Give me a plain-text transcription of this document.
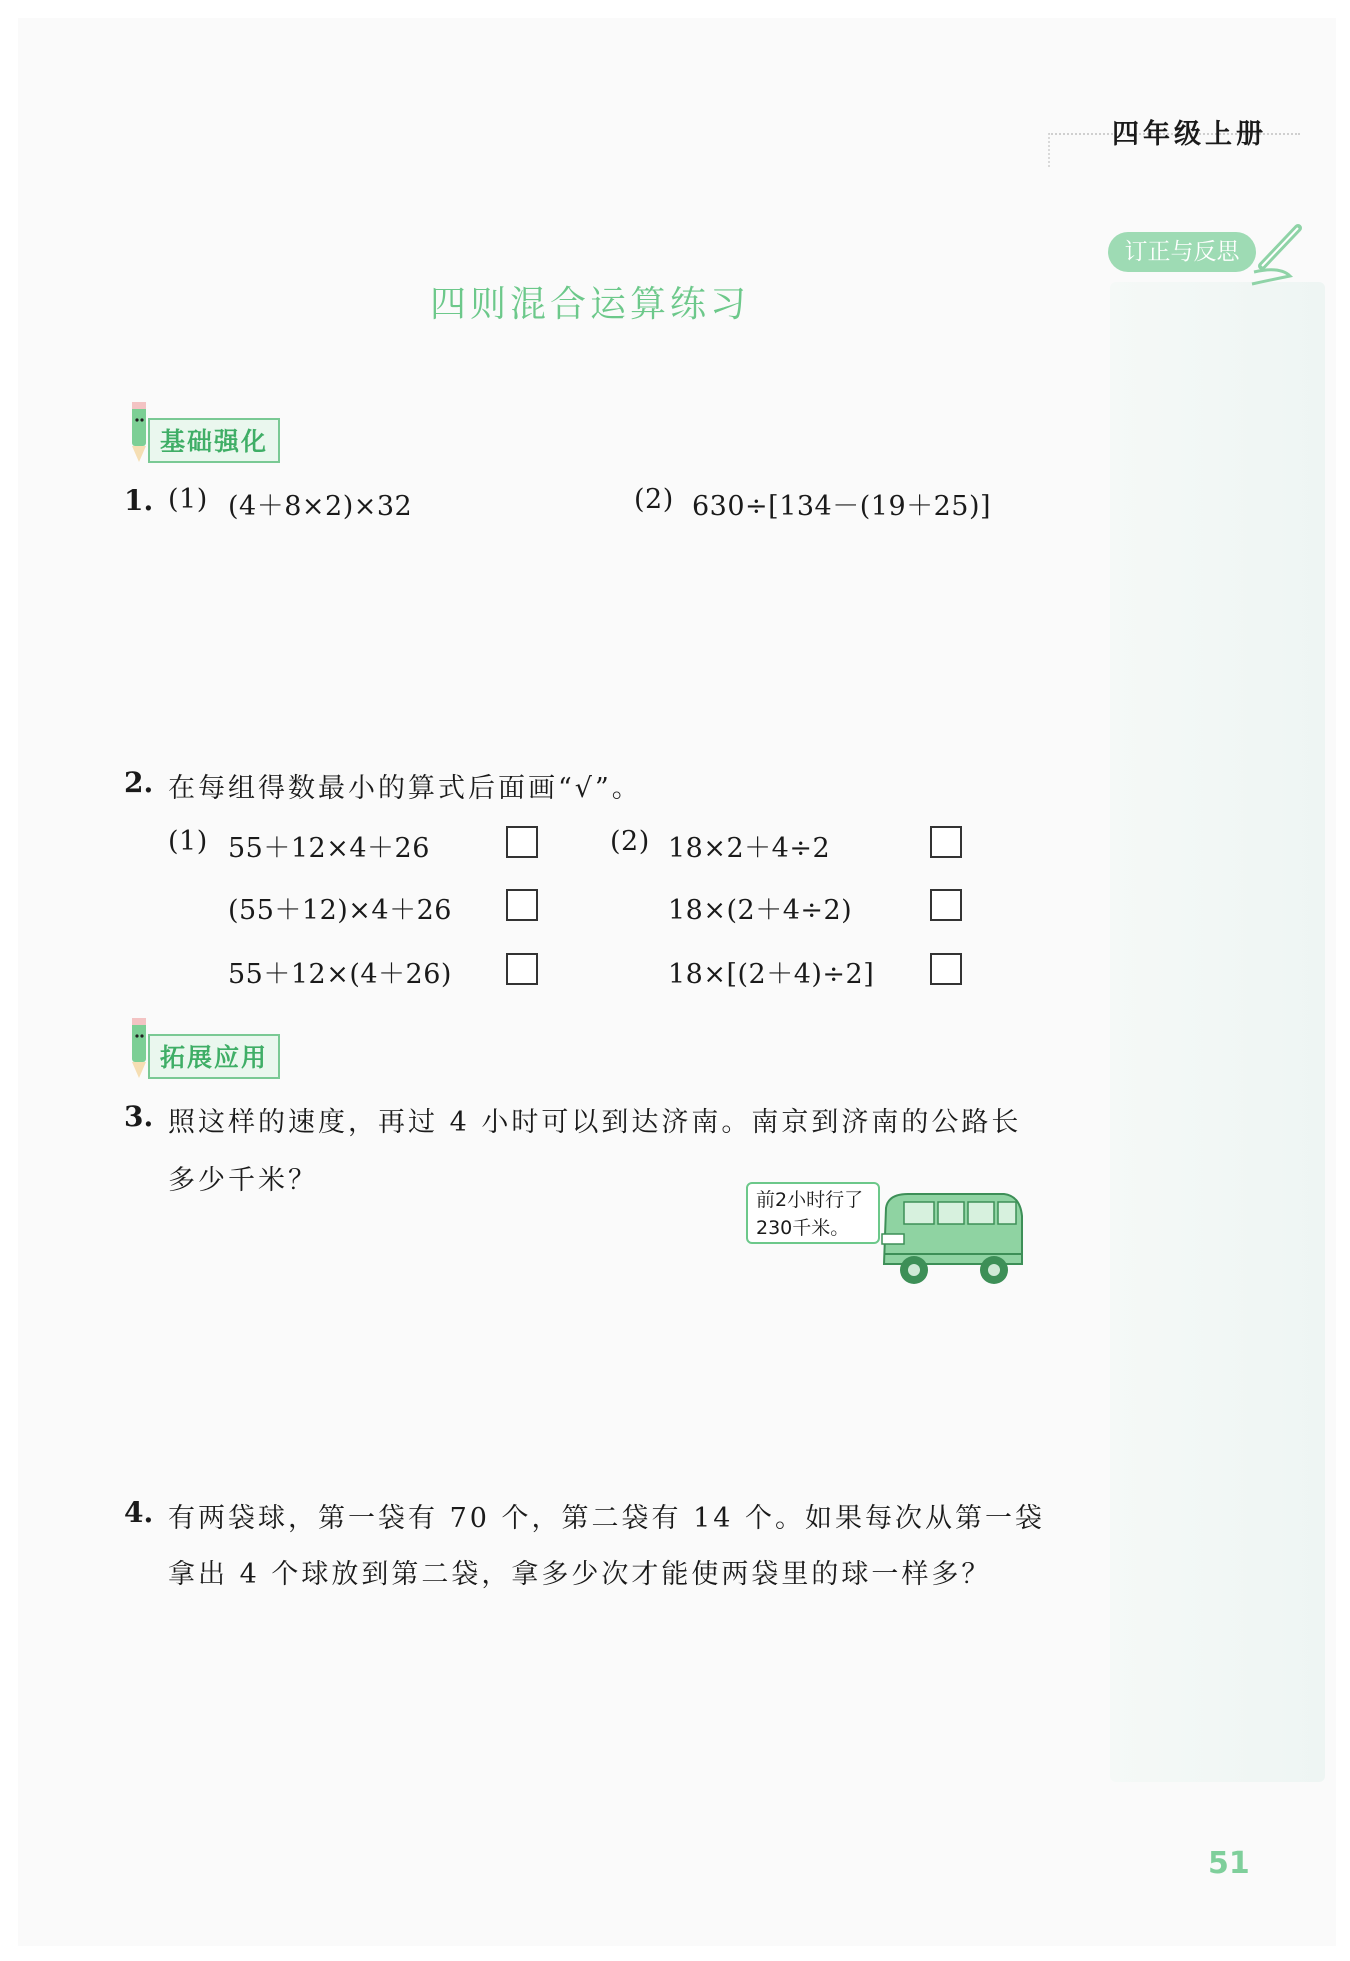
四年级上册
订正与反思
四则混合运算练习
基础强化
1. (1) (4＋8×2)×32	(2) 630÷[134－(19＋25)]
2. 在每组得数最小的算式后面画“√”。
(1) 55＋12×4＋26
(55＋12)×4＋26
55＋12×(4＋26)
(2) 18×2＋4÷2
18×(2＋4÷2)
18×[(2＋4)÷2]
拓展应用
3. 照这样的速度，再过 4 小时可以到达济南。南京到济南的公路长
多少千米？
前2小时行了
230千米。
4. 有两袋球，第一袋有 70 个，第二袋有 14 个。如果每次从第一袋
拿出 4 个球放到第二袋，拿多少次才能使两袋里的球一样多？
51
